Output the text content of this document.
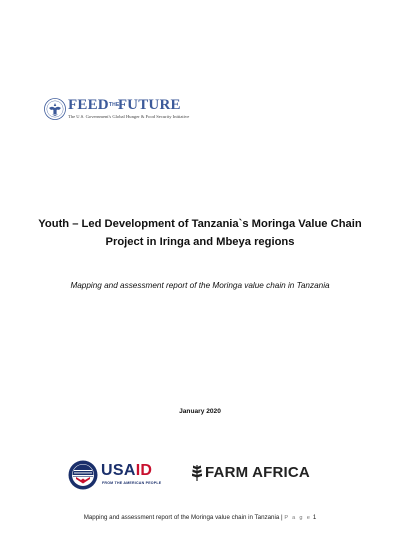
FEEDTHEFUTURE
The U.S. Government's Global Hunger & Food Security Initiative
Youth – Led Development of Tanzania`s Moringa Value Chain
Project in Iringa and Mbeya regions
Mapping and assessment report of the Moringa value chain in Tanzania
January 2020
USAID
FROM THE AMERICAN PEOPLE
FARM AFRICA
Mapping and assessment report of the Moringa value chain in Tanzania | P a g e 1
